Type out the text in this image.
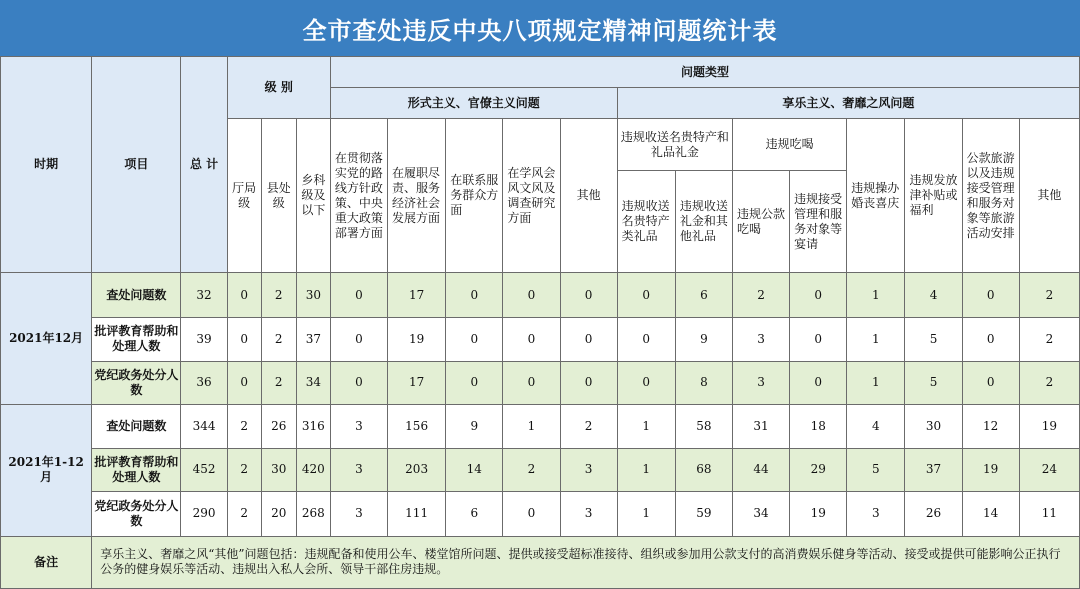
全市查处违反中央八项规定精神问题统计表
时期	项目	总 计	级 别			问题类型												
						形式主义、官僚主义问题					享乐主义、奢靡之风问题							
			厅局级	县处级	乡科级及以下	在贯彻落实党的路线方针政策、中央重大政策部署方面	在履职尽责、服务经济社会发展方面	在联系服务群众方面	在学风会风文风及调查研究方面	其他	违规收送名贵特产和礼品礼金		违规吃喝		违规操办婚丧喜庆	违规发放津补贴或福利	公款旅游以及违规接受管理和服务对象等旅游活动安排	其他
											违规收送名贵特产类礼品	违规收送礼金和其他礼品	违规公款吃喝	违规接受管理和服务对象等宴请				
2021年12月	查处问题数	32	0	2	30	0	17	0	0	0	0	6	2	0	1	4	0	2
	批评教育帮助和处理人数	39	0	2	37	0	19	0	0	0	0	9	3	0	1	5	0	2
	党纪政务处分人数	36	0	2	34	0	17	0	0	0	0	8	3	0	1	5	0	2
2021年1-12月	查处问题数	344	2	26	316	3	156	9	1	2	1	58	31	18	4	30	12	19
	批评教育帮助和处理人数	452	2	30	420	3	203	14	2	3	1	68	44	29	5	37	19	24
	党纪政务处分人数	290	2	20	268	3	111	6	0	3	1	59	34	19	3	26	14	11
备注	享乐主义、奢靡之风“其他”问题包括：违规配备和使用公车、楼堂馆所问题、提供或接受超标准接待、组织或参加用公款支付的高消费娱乐健身等活动、接受或提供可能影响公正执行公务的健身娱乐等活动、违规出入私人会所、领导干部住房违规。																	
